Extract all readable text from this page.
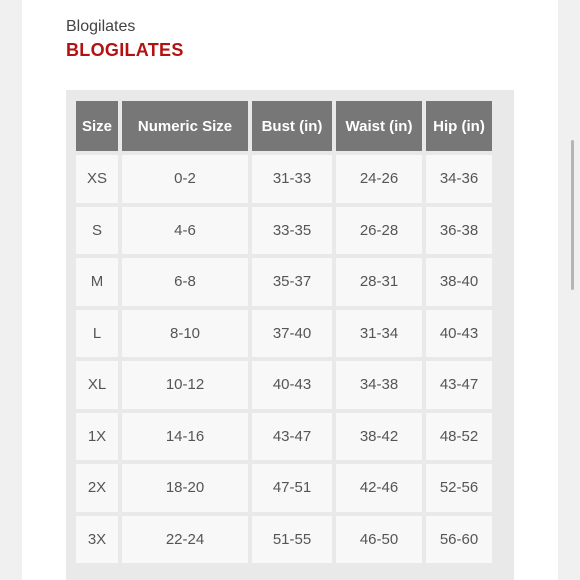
Blogilates
BLOGILATES
Size	Numeric Size	Bust (in)	Waist (in)	Hip (in)
XS	0-2	31-33	24-26	34-36
S	4-6	33-35	26-28	36-38
M	6-8	35-37	28-31	38-40
L	8-10	37-40	31-34	40-43
XL	10-12	40-43	34-38	43-47
1X	14-16	43-47	38-42	48-52
2X	18-20	47-51	42-46	52-56
3X	22-24	51-55	46-50	56-60
